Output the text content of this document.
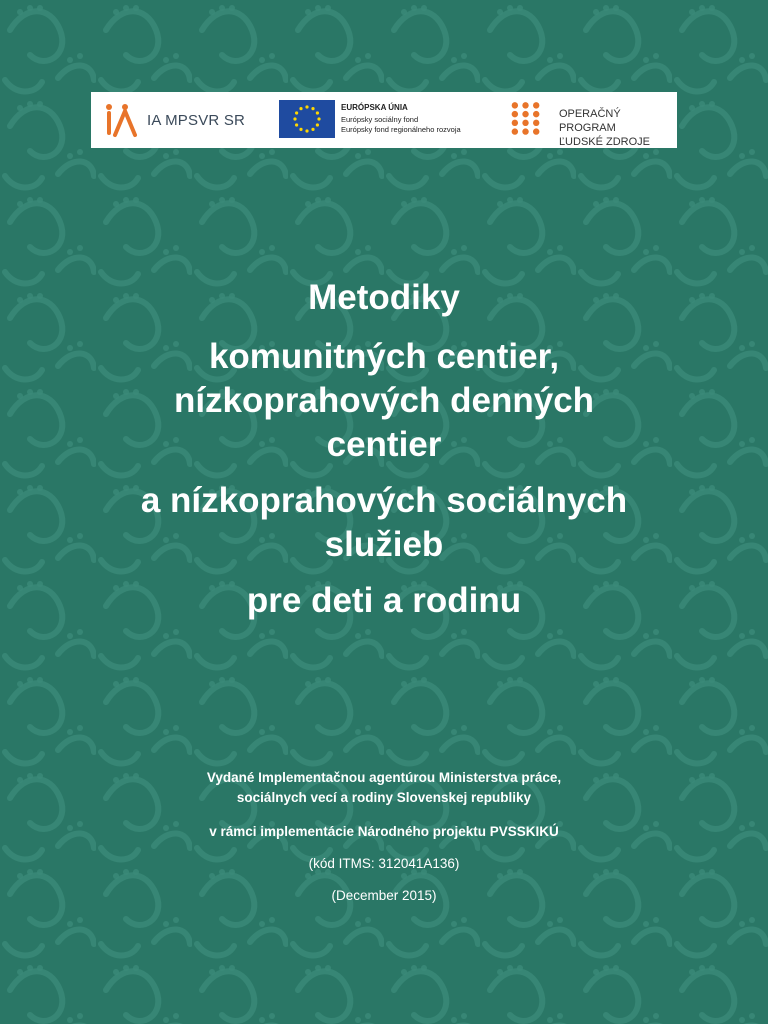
IA MPSVR SR
EURÓPSKA ÚNIA
Európsky sociálny fond
Európsky fond regionálneho rozvoja
OPERAČNÝ PROGRAM
ĽUDSKÉ ZDROJE
Metodiky
komunitných centier,
nízkoprahových denných
centier
a nízkoprahových sociálnych
služieb
pre deti a rodinu
Vydané Implementačnou agentúrou Ministerstva práce,
sociálnych vecí a rodiny Slovenskej republiky
v rámci implementácie Národného projektu PVSSKIKÚ
(kód ITMS: 312041A136)
(December 2015)
